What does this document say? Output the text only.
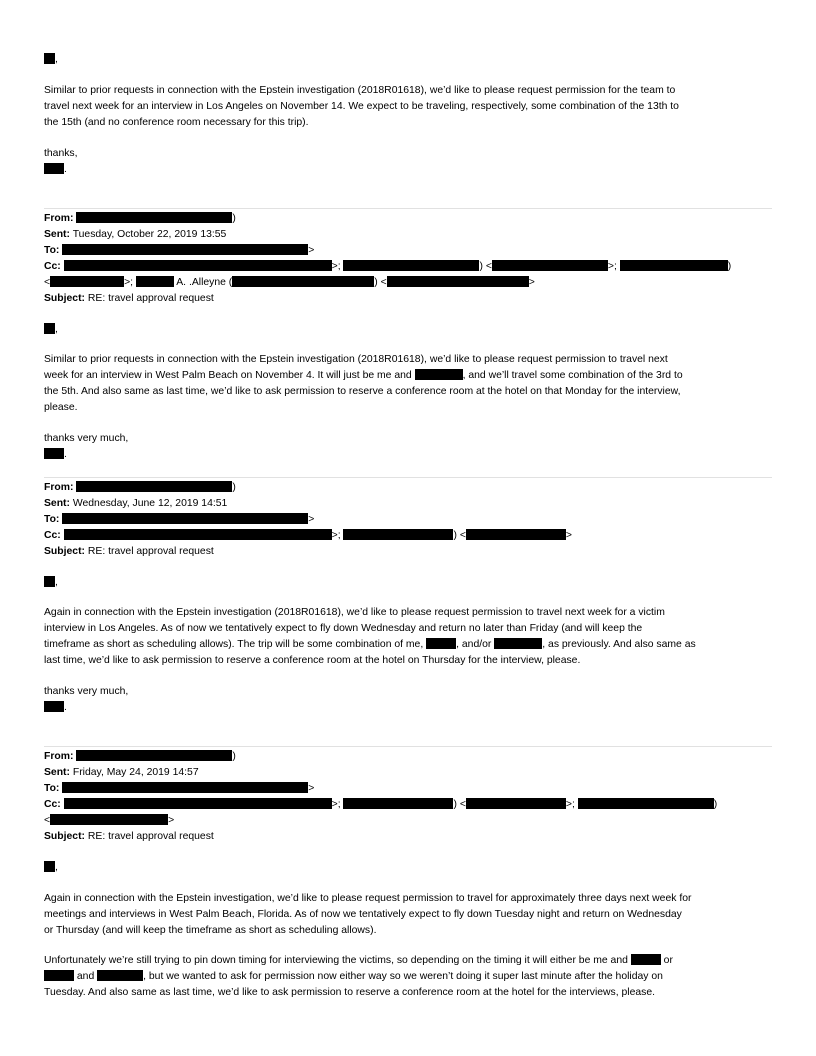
,
Similar to prior requests in connection with the Epstein investigation (2018R01618), we’d like to please request permission for the team to
travel next week for an interview in Los Angeles on November 14. We expect to be traveling, respectively, some combination of the 13th to
the 15th (and no conference room necessary for this trip).
thanks,
.
From:	)
Sent: Tuesday, October 22, 2019 13:55
To:	>
Cc:	>;	) <	>;	)
<	>;	A. .Alleyne (	) <	>
Subject: RE: travel approval request
,
Similar to prior requests in connection with the Epstein investigation (2018R01618), we’d like to please request permission to travel next
week for an interview in West Palm Beach on November 4. It will just be me and	, and we’ll travel some combination of the 3rd to
the 5th. And also same as last time, we’d like to ask permission to reserve a conference room at the hotel on that Monday for the interview,
please.
thanks very much,
.
From:	)
Sent: Wednesday, June 12, 2019 14:51
To:	>
Cc:	>;	) <	>
Subject: RE: travel approval request
,
Again in connection with the Epstein investigation (2018R01618), we’d like to please request permission to travel next week for a victim
interview in Los Angeles. As of now we tentatively expect to fly down Wednesday and return no later than Friday (and will keep the
timeframe as short as scheduling allows). The trip will be some combination of me,	, and/or	, as previously. And also same as
last time, we’d like to ask permission to reserve a conference room at the hotel on Thursday for the interview, please.
thanks very much,
.
From:	)
Sent: Friday, May 24, 2019 14:57
To:	>
Cc:	>;	) <	>;	)
<	>
Subject: RE: travel approval request
,
Again in connection with the Epstein investigation, we’d like to please request permission to travel for approximately three days next week for
meetings and interviews in West Palm Beach, Florida. As of now we tentatively expect to fly down Tuesday night and return on Wednesday
or Thursday (and will keep the timeframe as short as scheduling allows).
Unfortunately we’re still trying to pin down timing for interviewing the victims, so depending on the timing it will either be me and	or
and	, but we wanted to ask for permission now either way so we weren’t doing it super last minute after the holiday on
Tuesday. And also same as last time, we’d like to ask permission to reserve a conference room at the hotel for the interviews, please.
